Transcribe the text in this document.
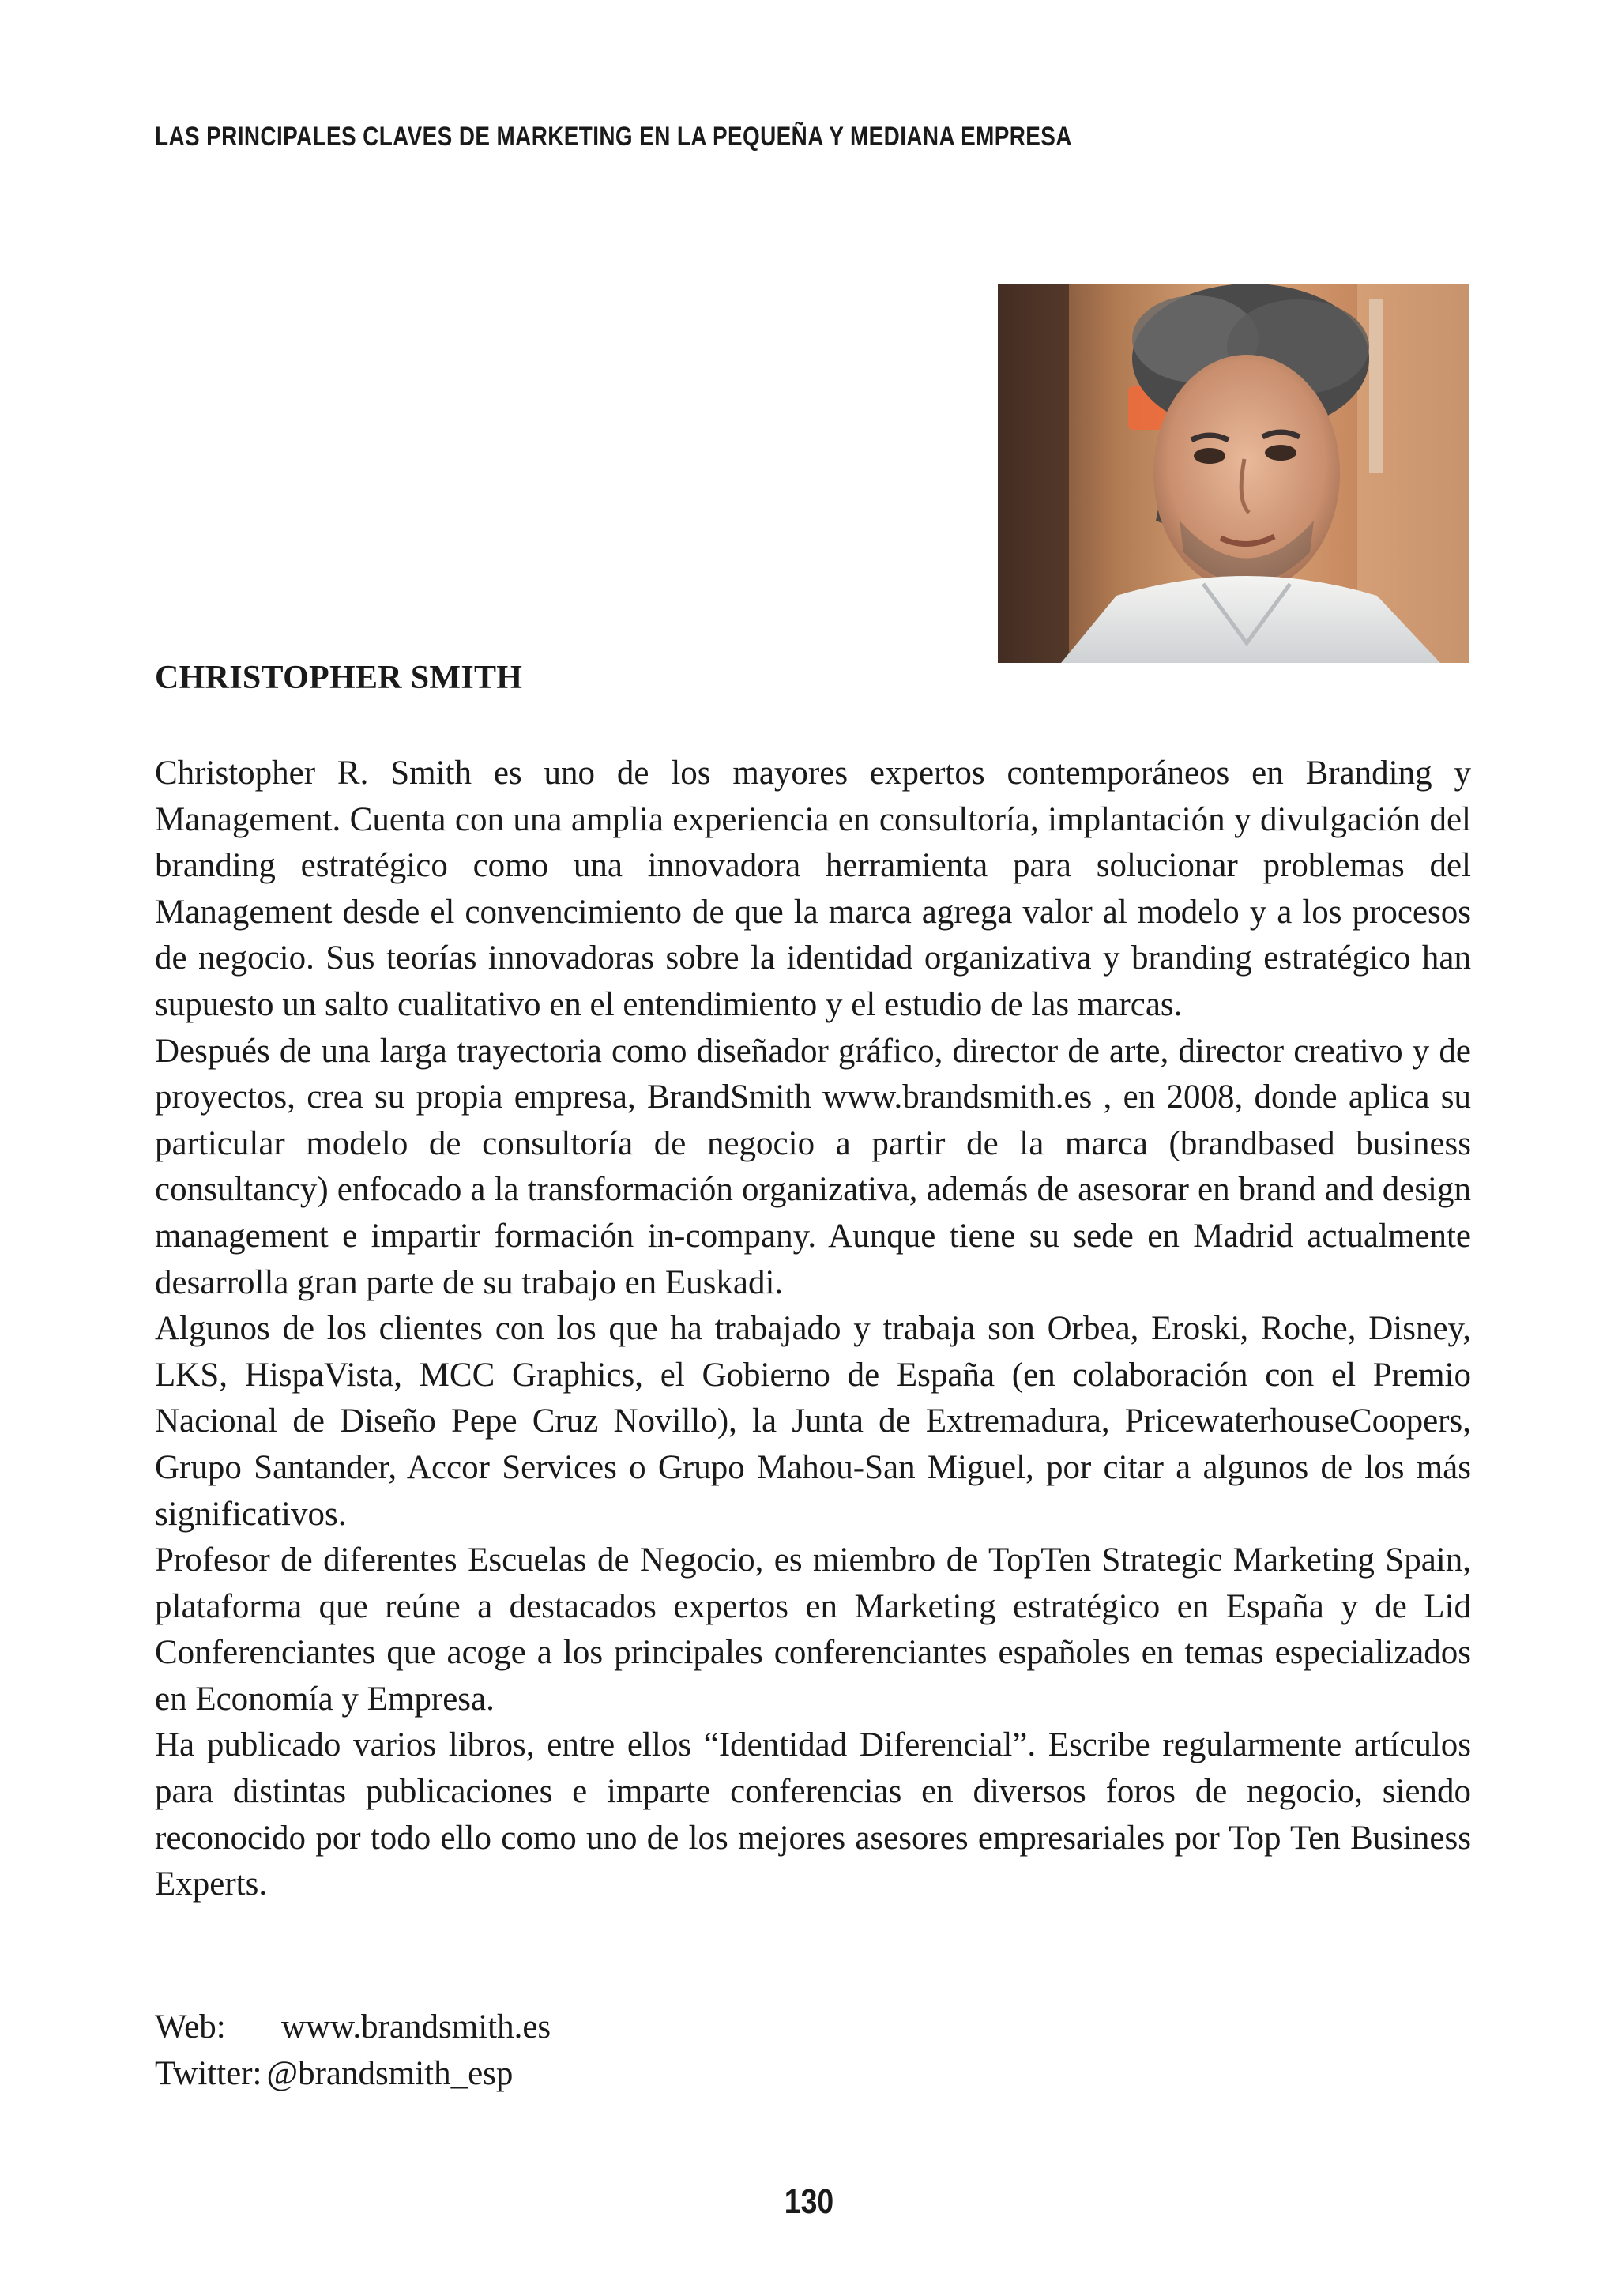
LAS PRINCIPALES CLAVES DE MARKETING EN LA PEQUEÑA Y MEDIANA EMPRESA
CHRISTOPHER SMITH

Christopher R. Smith es uno de los mayores expertos contemporáneos en Branding y Management. Cuenta con una amplia experiencia en consultoría, implantación y divulgación del branding estratégico como una innovadora herramienta para solucionar problemas del Management desde el convencimiento de que la marca agrega valor al modelo y a los procesos de negocio. Sus teorías innovadoras sobre la identidad organizativa y branding estratégico han supuesto un salto cualitativo en el entendimiento y el estudio de las marcas.

Después de una larga trayectoria como diseñador gráfico, director de arte, director creativo y de proyectos, crea su propia empresa, BrandSmith www.brandsmith.es , en 2008, donde aplica su particular modelo de consultoría de negocio a partir de la marca (brandbased business consultancy) enfocado a la transformación organizativa, además de asesorar en brand and design management e impartir formación in-company. Aunque tiene su sede en Madrid actualmente desarrolla gran parte de su trabajo en Euskadi.

Algunos de los clientes con los que ha trabajado y trabaja son Orbea, Eroski, Roche, Disney, LKS, HispaVista, MCC Graphics, el Gobierno de España (en colaboración con el Premio Nacional de Diseño Pepe Cruz Novillo), la Junta de Extremadura, PricewaterhouseCoopers, Grupo Santander, Accor Services o Grupo Mahou-San Miguel, por citar a algunos de los más significativos.

Profesor de diferentes Escuelas de Negocio, es miembro de TopTen Strategic Marketing Spain, plataforma que reúne a destacados expertos en Marketing estratégico en España y de Lid Conferenciantes que acoge a los principales conferenciantes españoles en temas especializados en Economía y Empresa.

Ha publicado varios libros, entre ellos “Identidad Diferencial”. Escribe regularmente artículos para distintas publicaciones e imparte conferencias en diversos foros de negocio, siendo reconocido por todo ello como uno de los mejores asesores empresariales por Top Ten Business Experts.

Web:	www.brandsmith.es
Twitter: @brandsmith_esp
130
